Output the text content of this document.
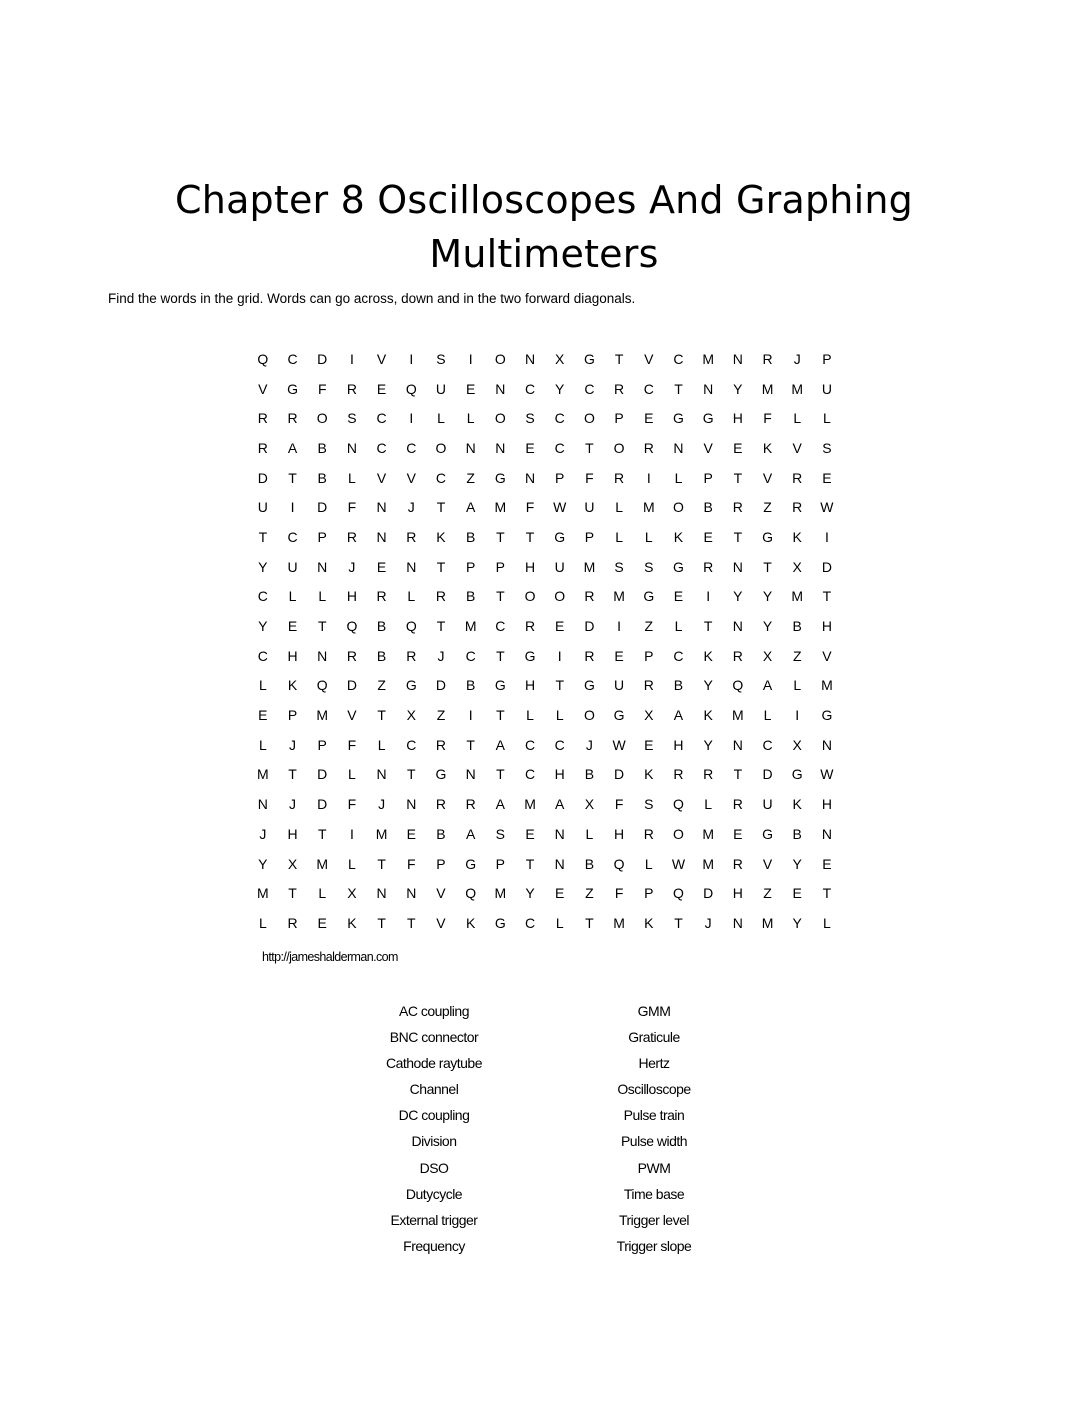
Chapter 8 Oscilloscopes And Graphing Multimeters
Find the words in the grid. Words can go across, down and in the two forward diagonals.
Q	C	D	I	V	I	S	I	O	N	X	G	T	V	C	M	N	R	J	P
V	G	F	R	E	Q	U	E	N	C	Y	C	R	C	T	N	Y	M	M	U
R	R	O	S	C	I	L	L	O	S	C	O	P	E	G	G	H	F	L	L
R	A	B	N	C	C	O	N	N	E	C	T	O	R	N	V	E	K	V	S
D	T	B	L	V	V	C	Z	G	N	P	F	R	I	L	P	T	V	R	E
U	I	D	F	N	J	T	A	M	F	W	U	L	M	O	B	R	Z	R	W
T	C	P	R	N	R	K	B	T	T	G	P	L	L	K	E	T	G	K	I
Y	U	N	J	E	N	T	P	P	H	U	M	S	S	G	R	N	T	X	D
C	L	L	H	R	L	R	B	T	O	O	R	M	G	E	I	Y	Y	M	T
Y	E	T	Q	B	Q	T	M	C	R	E	D	I	Z	L	T	N	Y	B	H
C	H	N	R	B	R	J	C	T	G	I	R	E	P	C	K	R	X	Z	V
L	K	Q	D	Z	G	D	B	G	H	T	G	U	R	B	Y	Q	A	L	M
E	P	M	V	T	X	Z	I	T	L	L	O	G	X	A	K	M	L	I	G
L	J	P	F	L	C	R	T	A	C	C	J	W	E	H	Y	N	C	X	N
M	T	D	L	N	T	G	N	T	C	H	B	D	K	R	R	T	D	G	W
N	J	D	F	J	N	R	R	A	M	A	X	F	S	Q	L	R	U	K	H
J	H	T	I	M	E	B	A	S	E	N	L	H	R	O	M	E	G	B	N
Y	X	M	L	T	F	P	G	P	T	N	B	Q	L	W	M	R	V	Y	E
M	T	L	X	N	N	V	Q	M	Y	E	Z	F	P	Q	D	H	Z	E	T
L	R	E	K	T	T	V	K	G	C	L	T	M	K	T	J	N	M	Y	L
http://jameshalderman.com
AC coupling
BNC connector
Cathode raytube
Channel
DC coupling
Division
DSO
Dutycycle
External trigger
Frequency
GMM
Graticule
Hertz
Oscilloscope
Pulse train
Pulse width
PWM
Time base
Trigger level
Trigger slope
